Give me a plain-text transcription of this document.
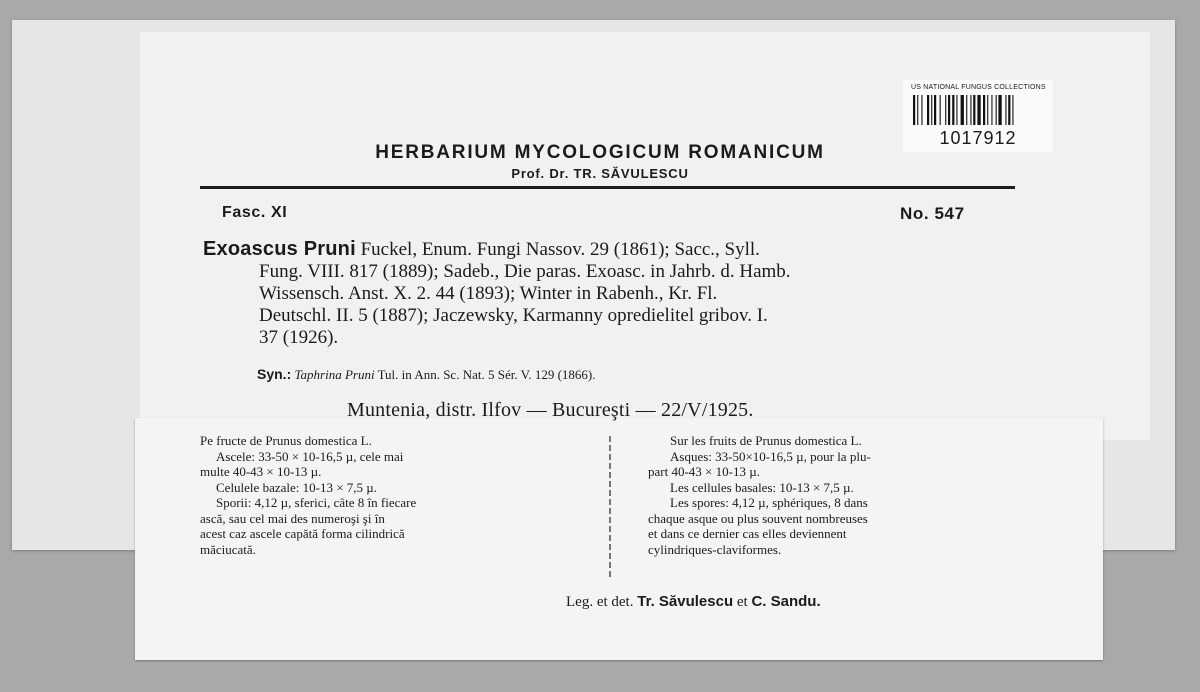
US NATIONAL FUNGUS COLLECTIONS
1017912
HERBARIUM MYCOLOGICUM ROMANICUM
Prof. Dr. TR. SĂVULESCU
Fasc. XI	No. 547
Exoascus Pruni Fuckel, Enum. Fungi Nassov. 29 (1861); Sacc., Syll.
Fung. VIII. 817 (1889); Sadeb., Die paras. Exoasc. in Jahrb. d. Hamb.
Wissensch. Anst. X. 2. 44 (1893); Winter in Rabenh., Kr. Fl.
Deutschl. II. 5 (1887); Jaczewsky, Karmanny opredielitel gribov. I.
37 (1926).
Syn.: Taphrina Pruni Tul. in Ann. Sc. Nat. 5 Sér. V. 129 (1866).
Muntenia, distr. Ilfov — Bucureşti — 22/V/1925.
Pe fructe de Prunus domestica L.
Ascele: 33-50 × 10-16,5 µ, cele mai
multe 40-43 × 10-13 µ.
Celulele bazale: 10-13 × 7,5 µ.
Sporii: 4,12 µ, sferici, câte 8 în fiecare
ască, sau cel mai des numeroşi şi în
acest caz ascele capătă forma cilindrică
măciucată.
Sur les fruits de Prunus domestica L.
Asques: 33-50×10-16,5 µ, pour la plu-
part 40-43 × 10-13 µ.
Les cellules basales: 10-13 × 7,5 µ.
Les spores: 4,12 µ, sphériques, 8 dans
chaque asque ou plus souvent nombreuses
et dans ce dernier cas elles deviennent
cylindriques-claviformes.
Leg. et det. Tr. Săvulescu et C. Sandu.
